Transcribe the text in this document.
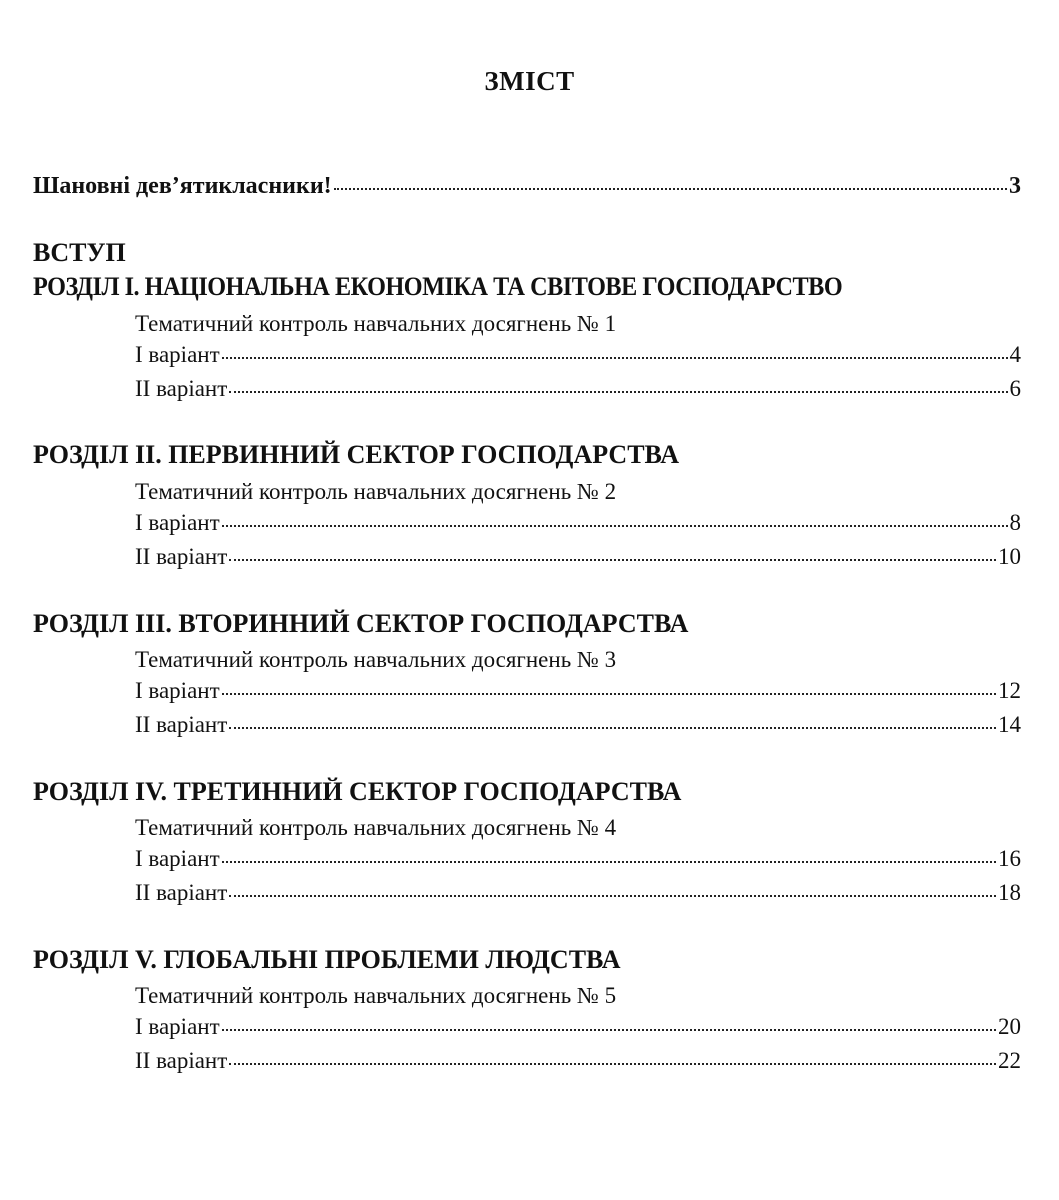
ЗМІСТ
Шановні дев’ятикласники!	3
ВСТУП
РОЗДІЛ I. НАЦІОНАЛЬНА ЕКОНОМІКА ТА СВІТОВЕ ГОСПОДАРСТВО
Тематичний контроль навчальних досягнень № 1
I варіант	4
II варіант	6
РОЗДІЛ II. ПЕРВИННИЙ СЕКТОР ГОСПОДАРСТВА
Тематичний контроль навчальних досягнень № 2
I варіант	8
II варіант	10
РОЗДІЛ III. ВТОРИННИЙ СЕКТОР ГОСПОДАРСТВА
Тематичний контроль навчальних досягнень № 3
I варіант	12
II варіант	14
РОЗДІЛ IV. ТРЕТИННИЙ СЕКТОР ГОСПОДАРСТВА
Тематичний контроль навчальних досягнень № 4
I варіант	16
II варіант	18
РОЗДІЛ V. ГЛОБАЛЬНІ ПРОБЛЕМИ ЛЮДСТВА
Тематичний контроль навчальних досягнень № 5
I варіант	20
II варіант	22
